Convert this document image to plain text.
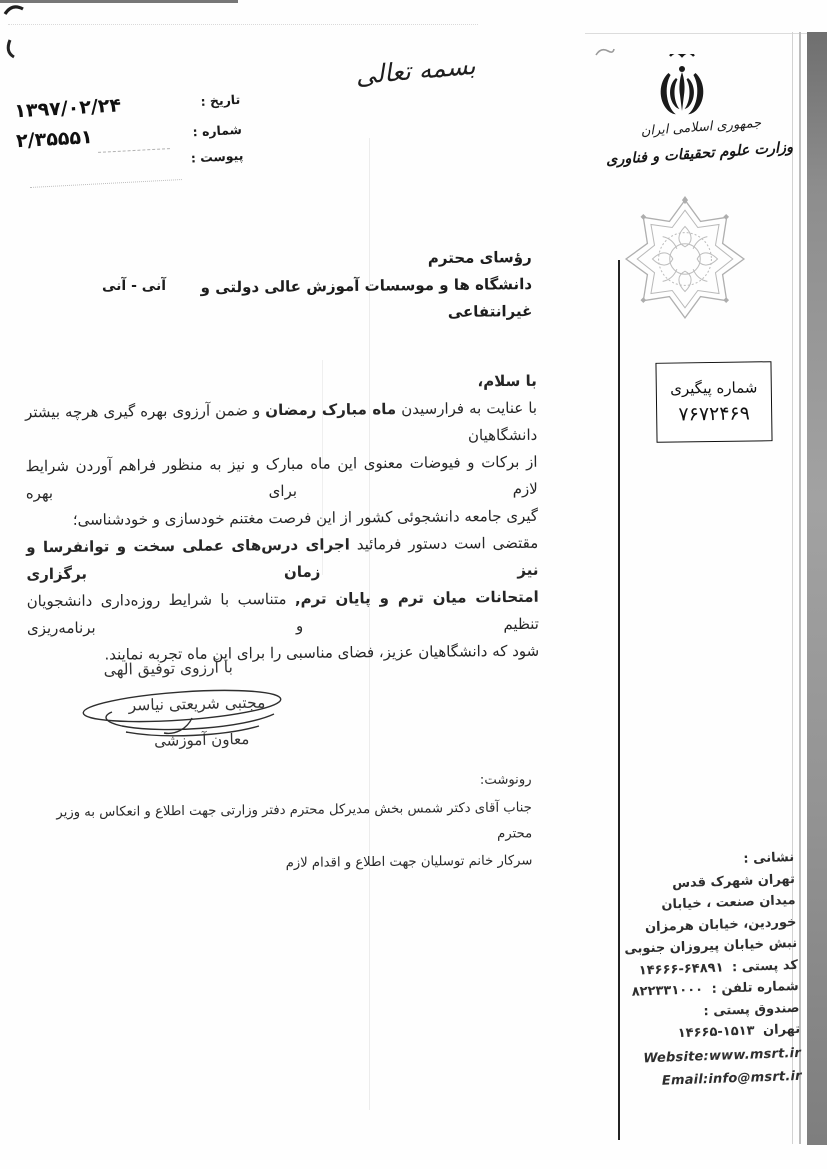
بسمه تعالی
جمهوری اسلامی ایران
وزارت علوم تحقیقات و فناوری
تاریخ :
۱۳۹۷/۰۲/۲۴
شماره :
۲/۳۵۵۵۱
پیوست :
شماره پیگیری
۷۶۷۲۴۶۹
رؤسای محترم
دانشگاه ها و موسسات آموزش عالی دولتی و غیرانتفاعی
آنی - آنی
با سلام،
با عنایت به فرارسیدن ماه مبارک رمضان و ضمن آرزوی بهره گیری هرچه بیشتر دانشگاهیان
از برکات و فیوضات معنوی این ماه مبارک و نیز به منظور فراهم آوردن شرایط لازم برای بهره
گیری جامعه دانشجوئی کشور از این فرصت مغتنم خودسازی و خودشناسی؛
مقتضی است دستور فرمائید اجرای درس‌های عملی سخت و توانفرسا و نیز زمان برگزاری
امتحانات میان ترم و پایان ترم, متناسب با شرایط روزه‌داری دانشجویان تنظیم و برنامه‌ریزی
شود که دانشگاهیان عزیز، فضای مناسبی را برای این ماه تجربه نمایند.
با آرزوی توفیق الهی
مجتبی شریعتی نیاسر
معاون آموزشی
رونوشت:
جناب آقای دکتر شمس بخش مدیرکل محترم دفتر وزارتی جهت اطلاع و انعکاس به وزیر محترم
سرکار خانم توسلیان جهت اطلاع و اقدام لازم	نشانی :
تهران شهرک قدس
میدان صنعت ، خیابان
خوردین، خیابان هرمزان
نبش خیابان پیروزان جنوبی
کد پستی : ۱۴۶۶۶-۶۴۸۹۱
شماره تلفن : ۸۲۲۳۳۱۰۰۰
صندوق پستی :
تهران ۱۴۶۶۵-۱۵۱۳
Website:www.msrt.ir
Email:info@msrt.ir
